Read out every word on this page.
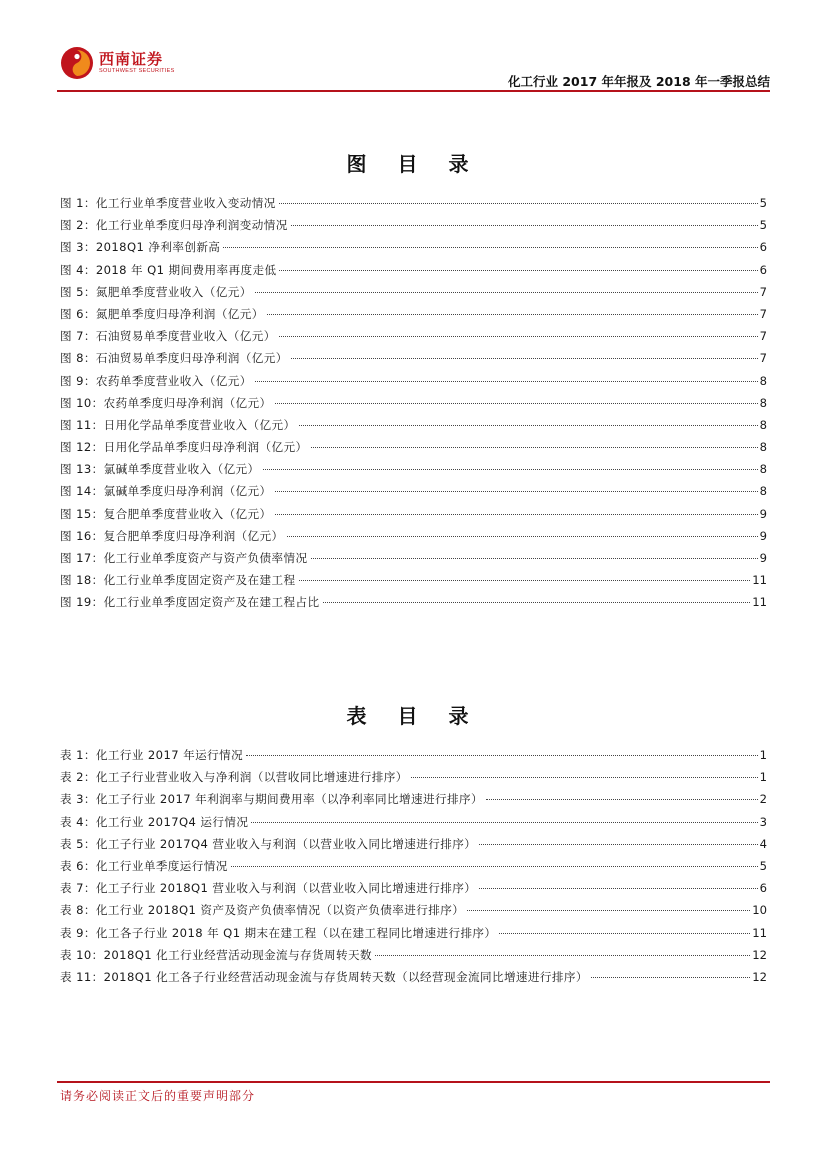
西南证券
SOUTHWEST SECURITIES
化工行业 2017 年年报及 2018 年一季报总结
图 目 录
图 1：化工行业单季度营业收入变动情况	5
图 2：化工行业单季度归母净利润变动情况	5
图 3：2018Q1 净利率创新高	6
图 4：2018 年 Q1 期间费用率再度走低	6
图 5：氮肥单季度营业收入（亿元）	7
图 6：氮肥单季度归母净利润（亿元）	7
图 7：石油贸易单季度营业收入（亿元）	7
图 8：石油贸易单季度归母净利润（亿元）	7
图 9：农药单季度营业收入（亿元）	8
图 10：农药单季度归母净利润（亿元）	8
图 11：日用化学品单季度营业收入（亿元）	8
图 12：日用化学品单季度归母净利润（亿元）	8
图 13：氯碱单季度营业收入（亿元）	8
图 14：氯碱单季度归母净利润（亿元）	8
图 15：复合肥单季度营业收入（亿元）	9
图 16：复合肥单季度归母净利润（亿元）	9
图 17：化工行业单季度资产与资产负债率情况	9
图 18：化工行业单季度固定资产及在建工程	11
图 19：化工行业单季度固定资产及在建工程占比	11
表 目 录
表 1：化工行业 2017 年运行情况	1
表 2：化工子行业营业收入与净利润（以营收同比增速进行排序）	1
表 3：化工子行业 2017 年利润率与期间费用率（以净利率同比增速进行排序）	2
表 4：化工行业 2017Q4 运行情况	3
表 5：化工子行业 2017Q4 营业收入与利润（以营业收入同比增速进行排序）	4
表 6：化工行业单季度运行情况	5
表 7：化工子行业 2018Q1 营业收入与利润（以营业收入同比增速进行排序）	6
表 8：化工行业 2018Q1 资产及资产负债率情况（以资产负债率进行排序）	10
表 9：化工各子行业 2018 年 Q1 期末在建工程（以在建工程同比增速进行排序）	11
表 10：2018Q1 化工行业经营活动现金流与存货周转天数	12
表 11：2018Q1 化工各子行业经营活动现金流与存货周转天数（以经营现金流同比增速进行排序）	12
请务必阅读正文后的重要声明部分
